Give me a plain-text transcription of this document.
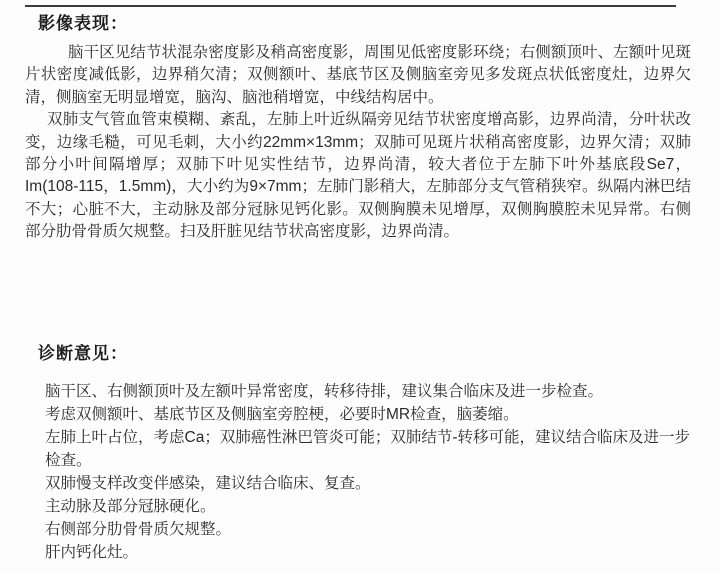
影像表现：

脑干区见结节状混杂密度影及稍高密度影，周围见低密度影环绕；右侧额顶叶、左额叶见斑片状密度减低影，边界稍欠清；双侧额叶、基底节区及侧脑室旁见多发斑点状低密度灶，边界欠清，侧脑室无明显增宽，脑沟、脑池稍增宽，中线结构居中。

双肺支气管血管束模糊、紊乱，左肺上叶近纵隔旁见结节状密度增高影，边界尚清，分叶状改变，边缘毛糙，可见毛刺，大小约22mm×13mm；双肺可见斑片状稍高密度影，边界欠清；双肺部分小叶间隔增厚；双肺下叶见实性结节，边界尚清，较大者位于左肺下叶外基底段Se7，Im(108-115，1.5mm)，大小约为9×7mm；左肺门影稍大，左肺部分支气管稍狭窄。纵隔内淋巴结不大；心脏不大，主动脉及部分冠脉见钙化影。双侧胸膜未见增厚，双侧胸膜腔未见异常。右侧部分肋骨骨质欠规整。扫及肝脏见结节状高密度影，边界尚清。

诊断意见：
脑干区、右侧额顶叶及左额叶异常密度，转移待排，建议集合临床及进一步检查。
考虑双侧额叶、基底节区及侧脑室旁腔梗，必要时MR检查，脑萎缩。
左肺上叶占位，考虑Ca；双肺癌性淋巴管炎可能；双肺结节-转移可能，建议结合临床及进一步检查。
双肺慢支样改变伴感染，建议结合临床、复查。
主动脉及部分冠脉硬化。
右侧部分肋骨骨质欠规整。
肝内钙化灶。
